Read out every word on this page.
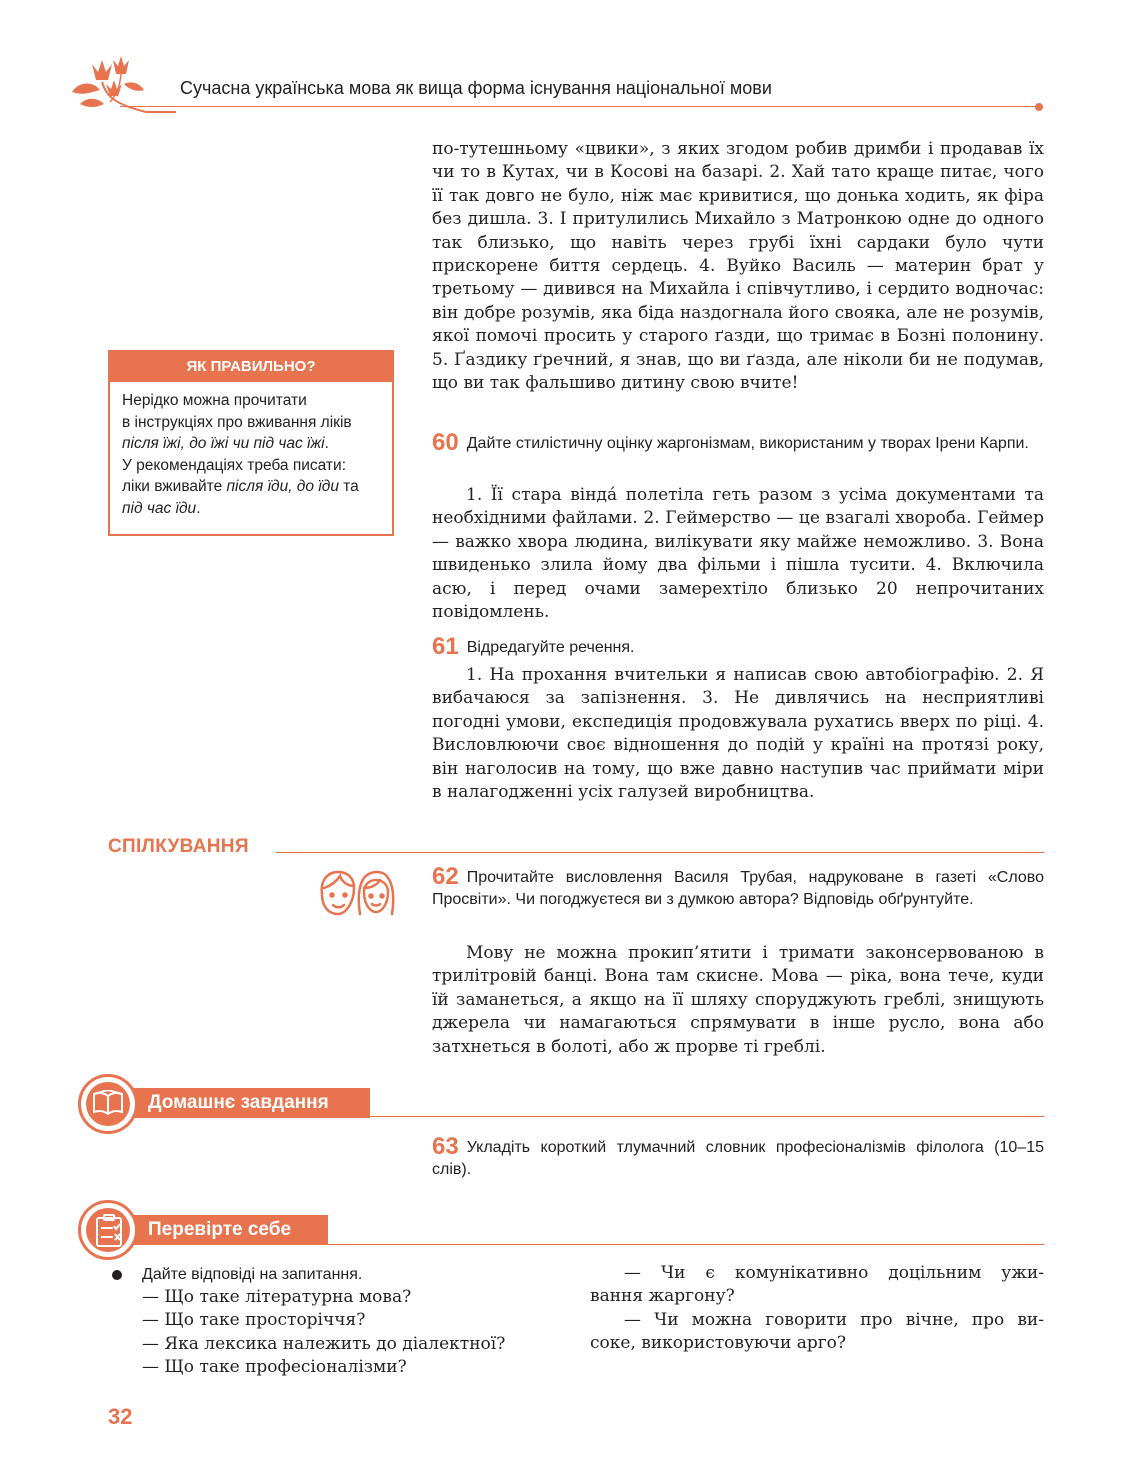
Сучасна українська мова як вища форма існування національної мови

по-тутешньому «цвики», з яких згодом робив дримби і продавав їх чи то в Кутах, чи в Косові на базарі. 2. Хай тато краще питає, чого її так довго не було, ніж має кривитися, що донька ходить, як фіра без дишла. 3. І притулились Михайло з Матронкою одне до одного так близько, що навіть через грубі їхні сардаки було чути прискорене биття сердець. 4. Вуйко Василь — материн брат у третьому — дивився на Михайла і співчутливо, і сердито водночас: він добре розумів, яка біда наздогнала його свояка, але не розумів, якої помочі просить у старого ґазди, що тримає в Бозні полонину. 5. Ґаздику ґречний, я знав, що ви ґазда, але ніколи би не подумав, що ви так фальшиво дитину свою вчите!

ЯК ПРАВИЛЬНО?
Нерідко можна прочитати
в інструкціях про вживання ліків
після їжі, до їжі чи під час їжі.
У рекомендаціях треба писати:
ліки вживайте після їди, до їди та
під час їди.
60 Дайте стилістичну оцінку жаргонізмам, використаним у творах Ірени Карпи.

1. Її стара вінда́ полетіла геть разом з усіма документами та необхідними файлами. 2. Геймерство — це взагалі хвороба. Геймер — важко хвора людина, вилікувати яку майже неможливо. 3. Вона швиденько злила йому два фільми і пішла тусити. 4. Включила асю, і перед очами замерехтіло близько 20 непрочитаних повідомлень.

61 Відредагуйте речення.

1. На прохання вчительки я написав свою автобіографію. 2. Я вибачаюся за запізнення. 3. Не дивлячись на несприятливі погодні умови, експедиція продовжувала рухатись вверх по ріці. 4. Висловлюючи своє відношення до подій у країні на протязі року, він наголосив на тому, що вже давно наступив час приймати міри в налагодженні усіх галузей виробництва.

СПІЛКУВАННЯ
62 Прочитайте висловлення Василя Трубая, надруковане в газеті «Слово Просвіти». Чи погоджуєтеся ви з думкою автора? Відповідь обґрунтуйте.

Мову не можна прокип’ятити і тримати законсервованою в трилітровій банці. Вона там скисне. Мова — ріка, вона тече, куди їй заманеться, а якщо на її шляху споруджують греблі, знищують джерела чи намагаються спрямувати в інше русло, вона або затхнеться в болоті, або ж прорве ті греблі.

Домашнє завдання
63 Укладіть короткий тлумачний словник професіоналізмів філолога (10–15 слів).
Перевірте себе
Дайте відповіді на запитання.
— Що таке літературна мова?
— Що таке просторіччя?
— Яка лексика належить до діалектної?
— Що таке професіоналізми?
— Чи є комунікативно доцільним ужи-
вання жаргону?
— Чи можна говорити про вічне, про ви-
соке, використовуючи арго?
32
